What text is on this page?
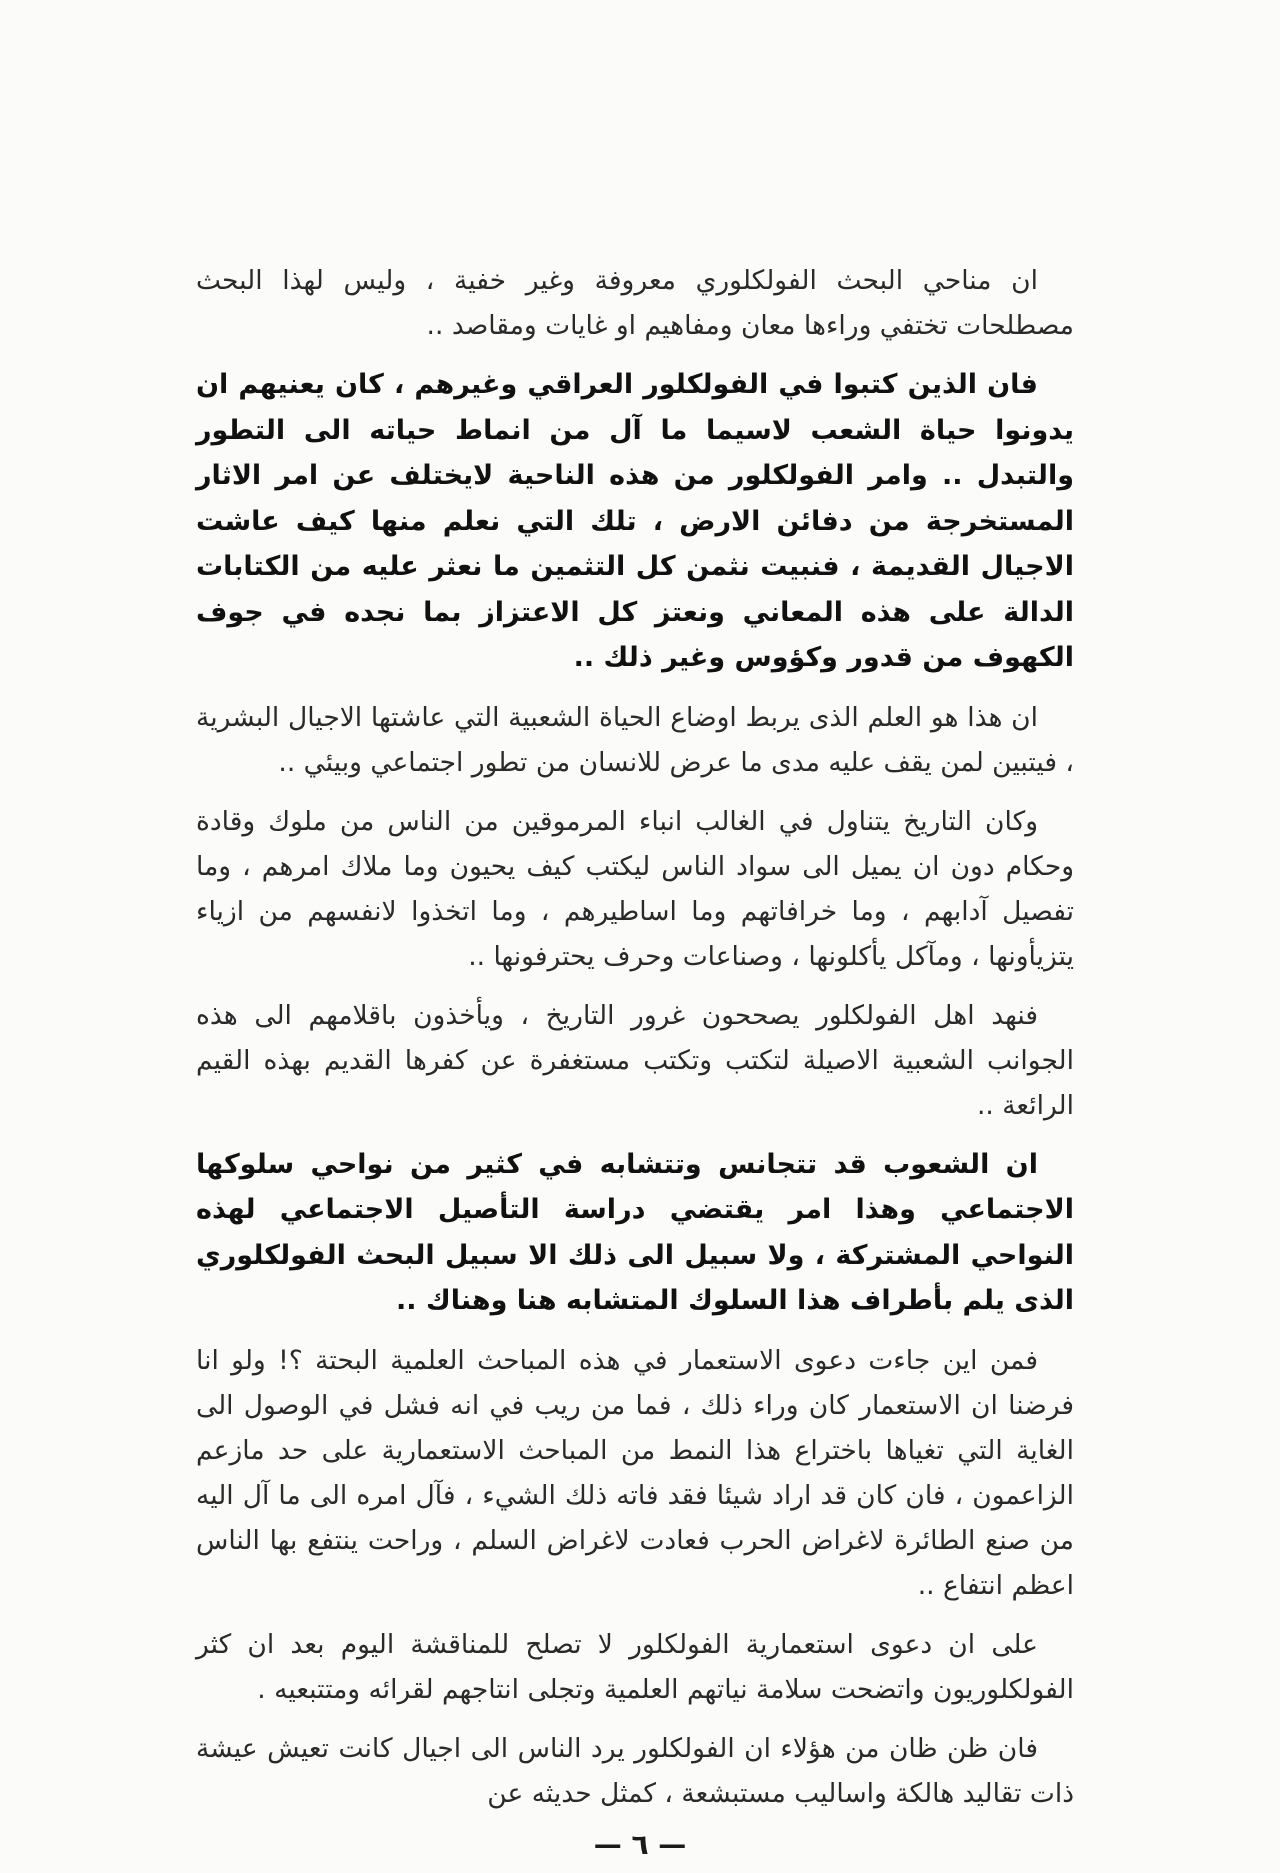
ان مناحي البحث الفولكلوري معروفة وغير خفية ، وليس لهذا البحث مصطلحات تختفي وراءها معان ومفاهيم او غايات ومقاصد ..

فان الذين كتبوا في الفولكلور العراقي وغيرهم ، كان يعنيهم ان يدونوا حياة الشعب لاسيما ما آل من انماط حياته الى التطور والتبدل .. وامر الفولكلور من هذه الناحية لايختلف عن امر الاثار المستخرجة من دفائن الارض ، تلك التي نعلم منها كيف عاشت الاجيال القديمة ، فنبيت نثمن كل التثمين ما نعثر عليه من الكتابات الدالة على هذه المعاني ونعتز كل الاعتزاز بما نجده في جوف الكهوف من قدور وكؤوس وغير ذلك ..

ان هذا هو العلم الذى يربط اوضاع الحياة الشعبية التي عاشتها الاجيال البشرية ، فيتبين لمن يقف عليه مدى ما عرض للانسان من تطور اجتماعي وبيئي ..

وكان التاريخ يتناول في الغالب انباء المرموقين من الناس من ملوك وقادة وحكام دون ان يميل الى سواد الناس ليكتب كيف يحيون وما ملاك امرهم ، وما تفصيل آدابهم ، وما خرافاتهم وما اساطيرهم ، وما اتخذوا لانفسهم من ازياء يتزيأونها ، ومآكل يأكلونها ، وصناعات وحرف يحترفونها ..

فنهد اهل الفولكلور يصححون غرور التاريخ ، ويأخذون باقلامهم الى هذه الجوانب الشعبية الاصيلة لتكتب وتكتب مستغفرة عن كفرها القديم بهذه القيم الرائعة ..

ان الشعوب قد تتجانس وتتشابه في كثير من نواحي سلوكها الاجتماعي وهذا امر يقتضي دراسة التأصيل الاجتماعي لهذه النواحي المشتركة ، ولا سبيل الى ذلك الا سبيل البحث الفولكلوري الذى يلم بأطراف هذا السلوك المتشابه هنا وهناك ..

فمن اين جاءت دعوى الاستعمار في هذه المباحث العلمية البحتة ؟! ولو انا فرضنا ان الاستعمار كان وراء ذلك ، فما من ريب في انه فشل في الوصول الى الغاية التي تغياها باختراع هذا النمط من المباحث الاستعمارية على حد مازعم الزاعمون ، فان كان قد اراد شيئا فقد فاته ذلك الشيء ، فآل امره الى ما آل اليه من صنع الطائرة لاغراض الحرب فعادت لاغراض السلم ، وراحت ينتفع بها الناس اعظم انتفاع ..

على ان دعوى استعمارية الفولكلور لا تصلح للمناقشة اليوم بعد ان كثر الفولكلوريون واتضحت سلامة نياتهم العلمية وتجلى انتاجهم لقرائه ومتتبعيه .

فان ظن ظان من هؤلاء ان الفولكلور يرد الناس الى اجيال كانت تعيش عيشة ذات تقاليد هالكة واساليب مستبشعة ، كمثل حديثه عن

— ٦ —
